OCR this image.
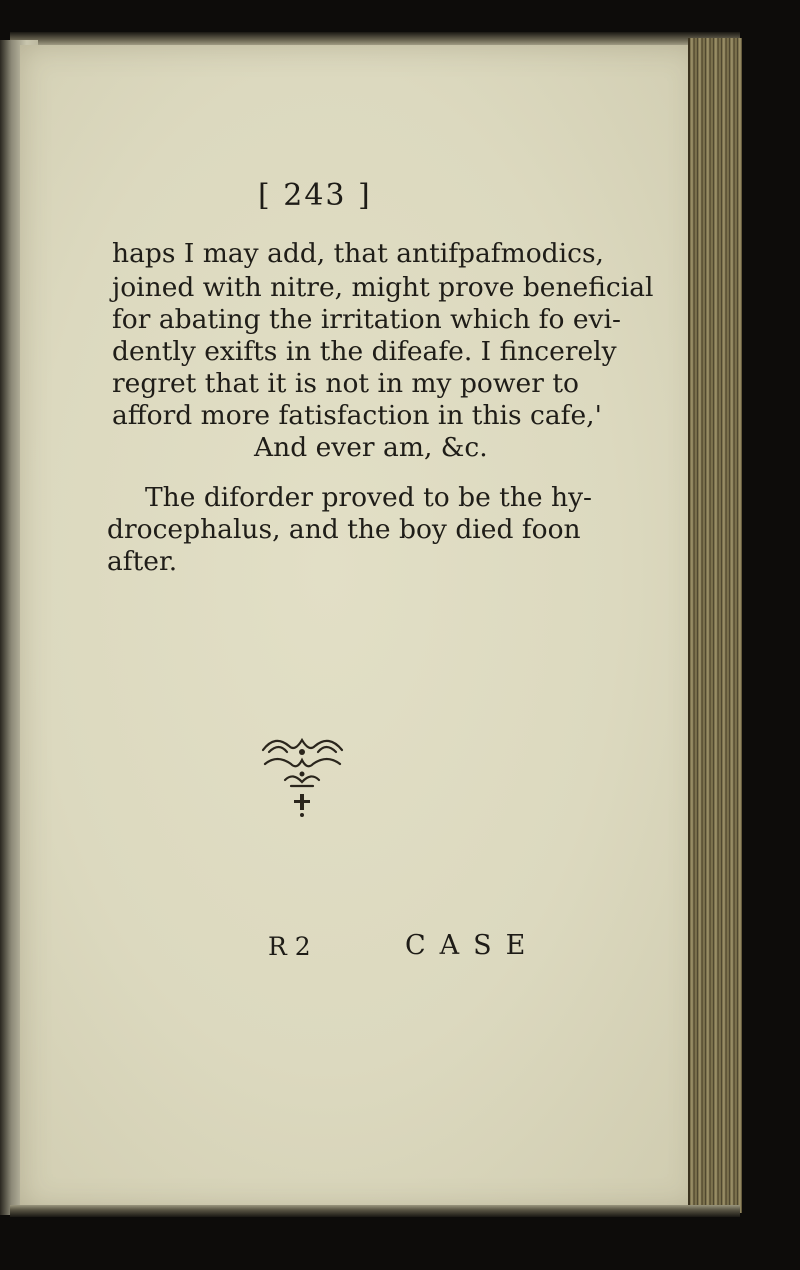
[ 243 ]
haps I may add, that antifpafmodics,
joined with nitre, might prove beneficial
for abating the irritation which fo evi-
dently exifts in the difeafe. I fincerely
regret that it is not in my power to
afford more fatisfaction in this cafe,'
And ever am, &c.
The diforder proved to be the hy-
drocephalus, and the boy died foon
after.
R 2	CASE
